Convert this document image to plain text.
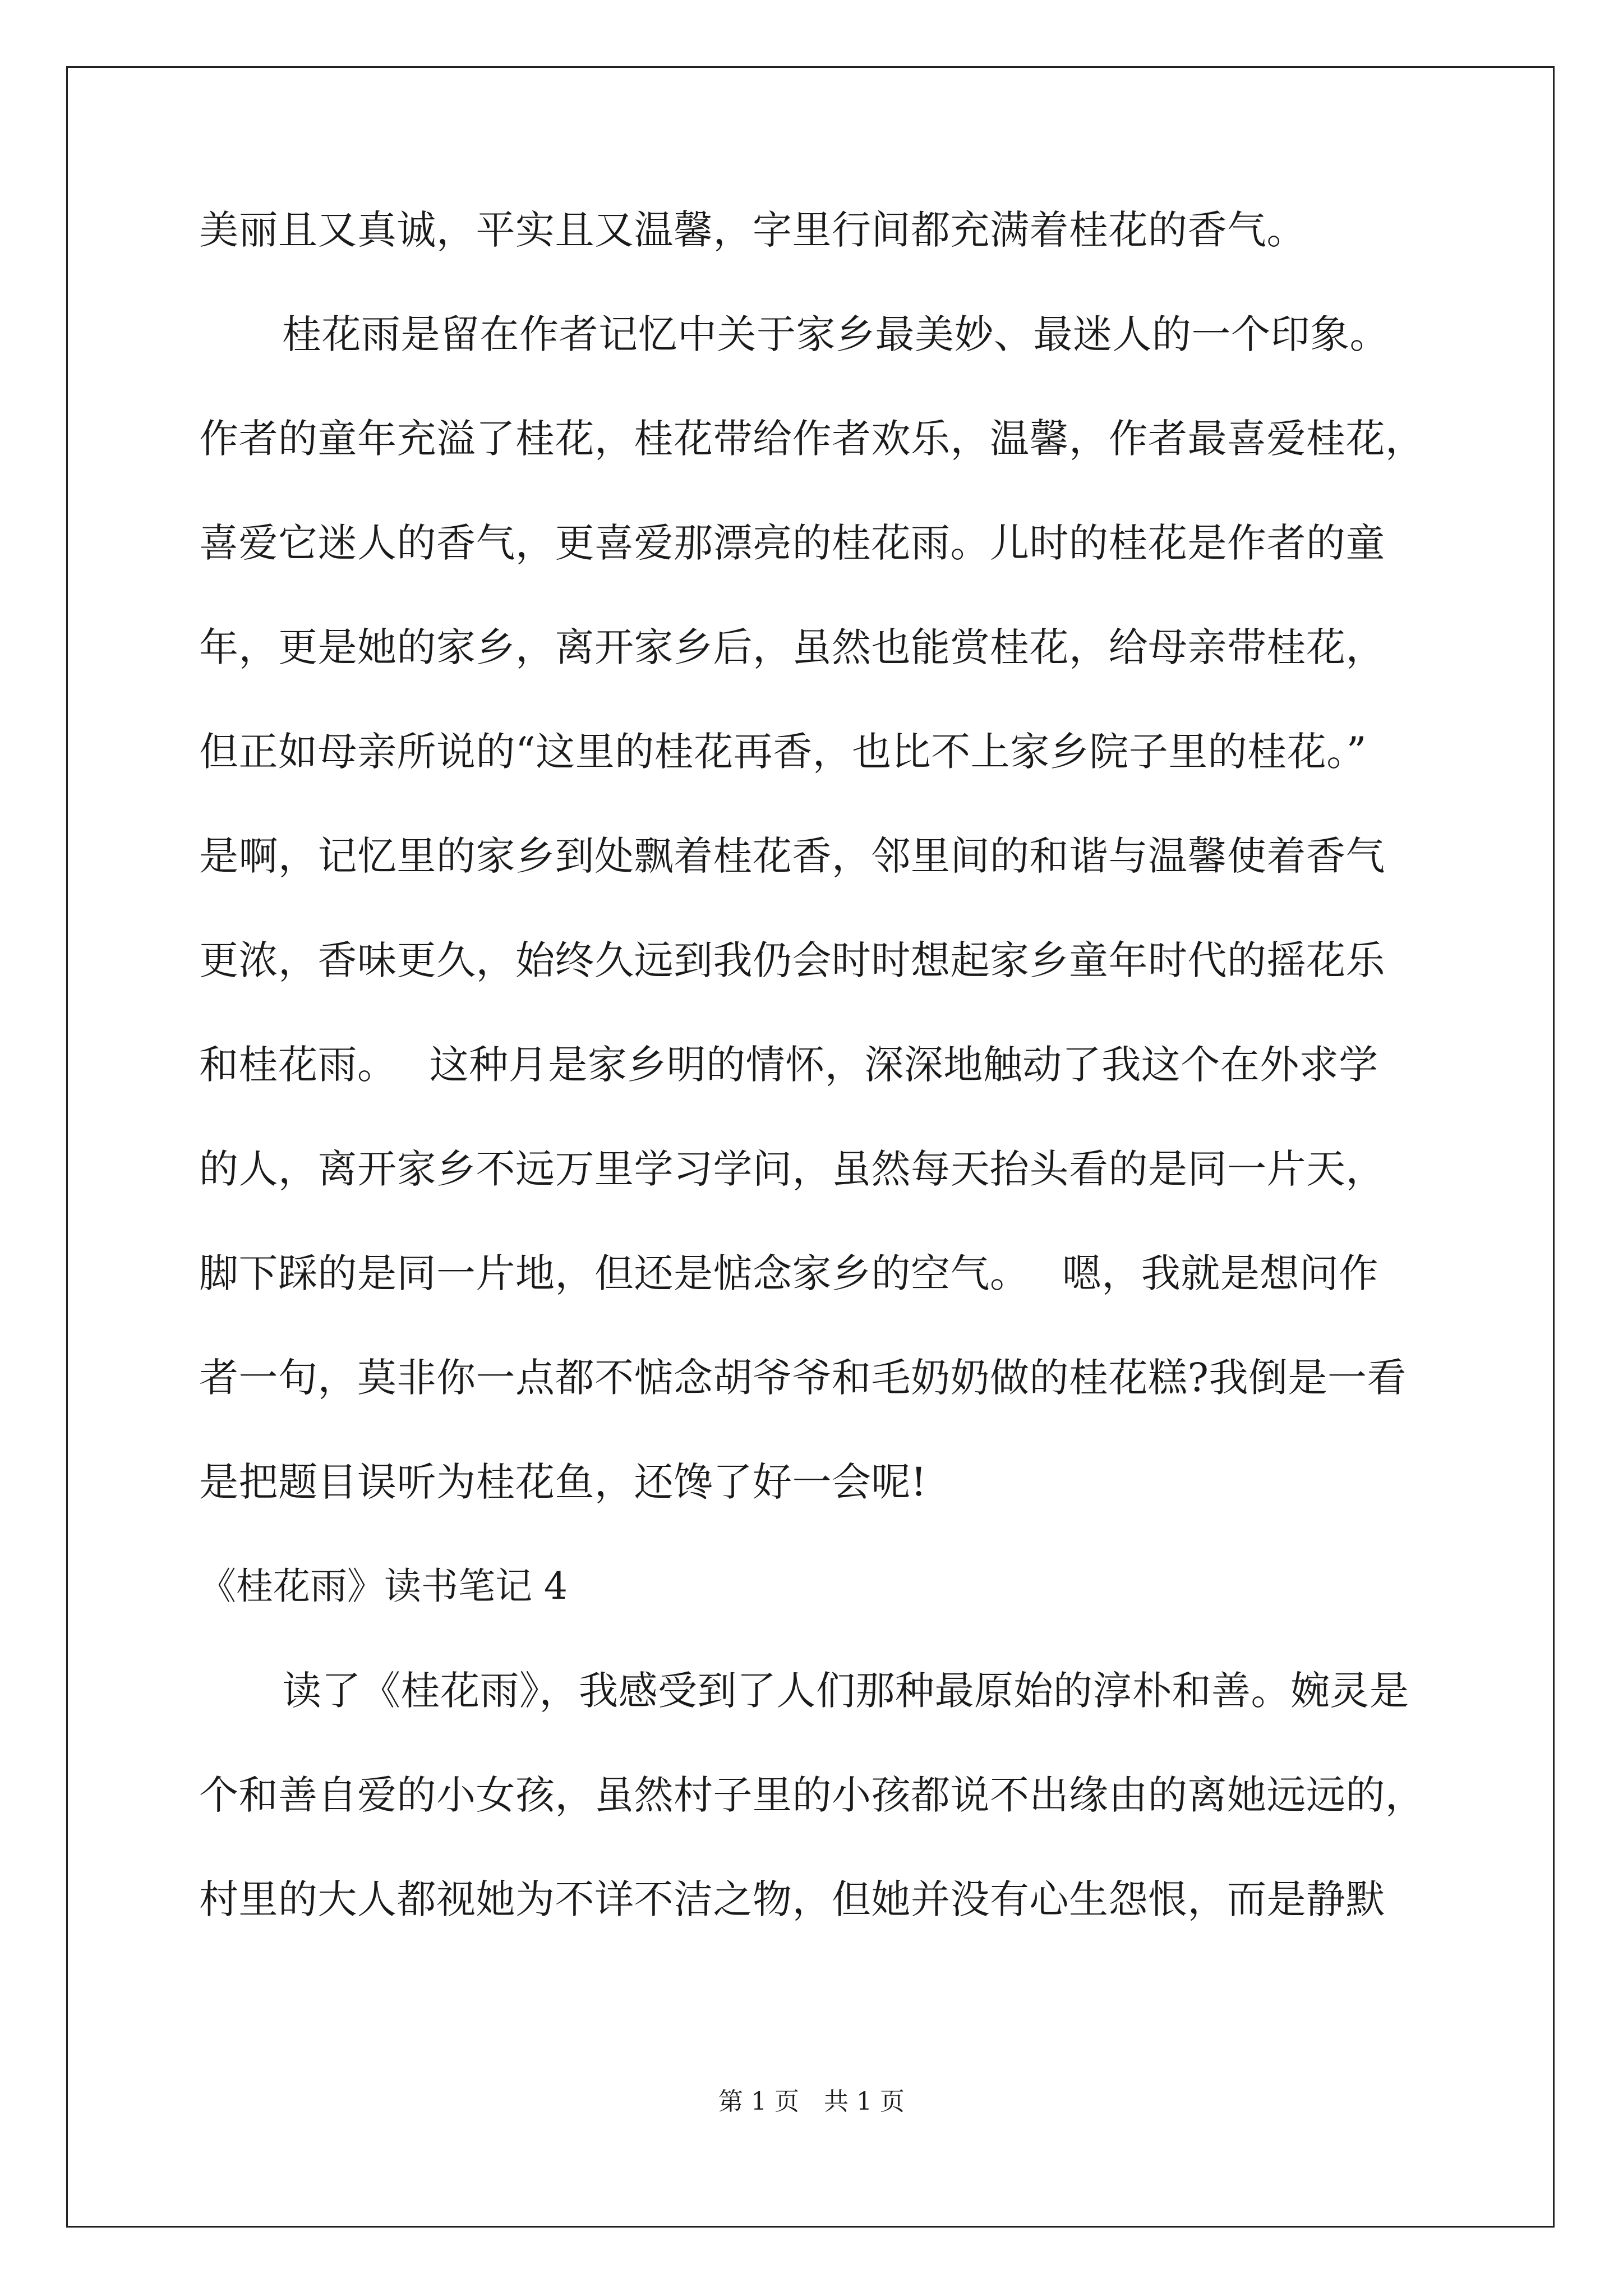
美丽且又真诚，平实且又温馨，字里行间都充满着桂花的香气。
桂花雨是留在作者记忆中关于家乡最美妙、最迷人的一个印象。
作者的童年充溢了桂花，桂花带给作者欢乐，温馨，作者最喜爱桂花，
喜爱它迷人的香气，更喜爱那漂亮的桂花雨。儿时的桂花是作者的童
年，更是她的家乡，离开家乡后，虽然也能赏桂花，给母亲带桂花，
但正如母亲所说的“这里的桂花再香，也比不上家乡院子里的桂花。”
是啊，记忆里的家乡到处飘着桂花香，邻里间的和谐与温馨使着香气
更浓，香味更久，始终久远到我仍会时时想起家乡童年时代的摇花乐
和桂花雨。　 这种月是家乡明的情怀，深深地触动了我这个在外求学
的人，离开家乡不远万里学习学问，虽然每天抬头看的是同一片天，
脚下踩的是同一片地，但还是惦念家乡的空气。　 嗯，我就是想问作
者一句，莫非你一点都不惦念胡爷爷和毛奶奶做的桂花糕?我倒是一看
是把题目误听为桂花鱼，还馋了好一会呢!
《桂花雨》读书笔记 4
读了《桂花雨》，我感受到了人们那种最原始的淳朴和善。婉灵是
个和善自爱的小女孩，虽然村子里的小孩都说不出缘由的离她远远的，
村里的大人都视她为不详不洁之物，但她并没有心生怨恨，而是静默
第 1 页　共 1 页
